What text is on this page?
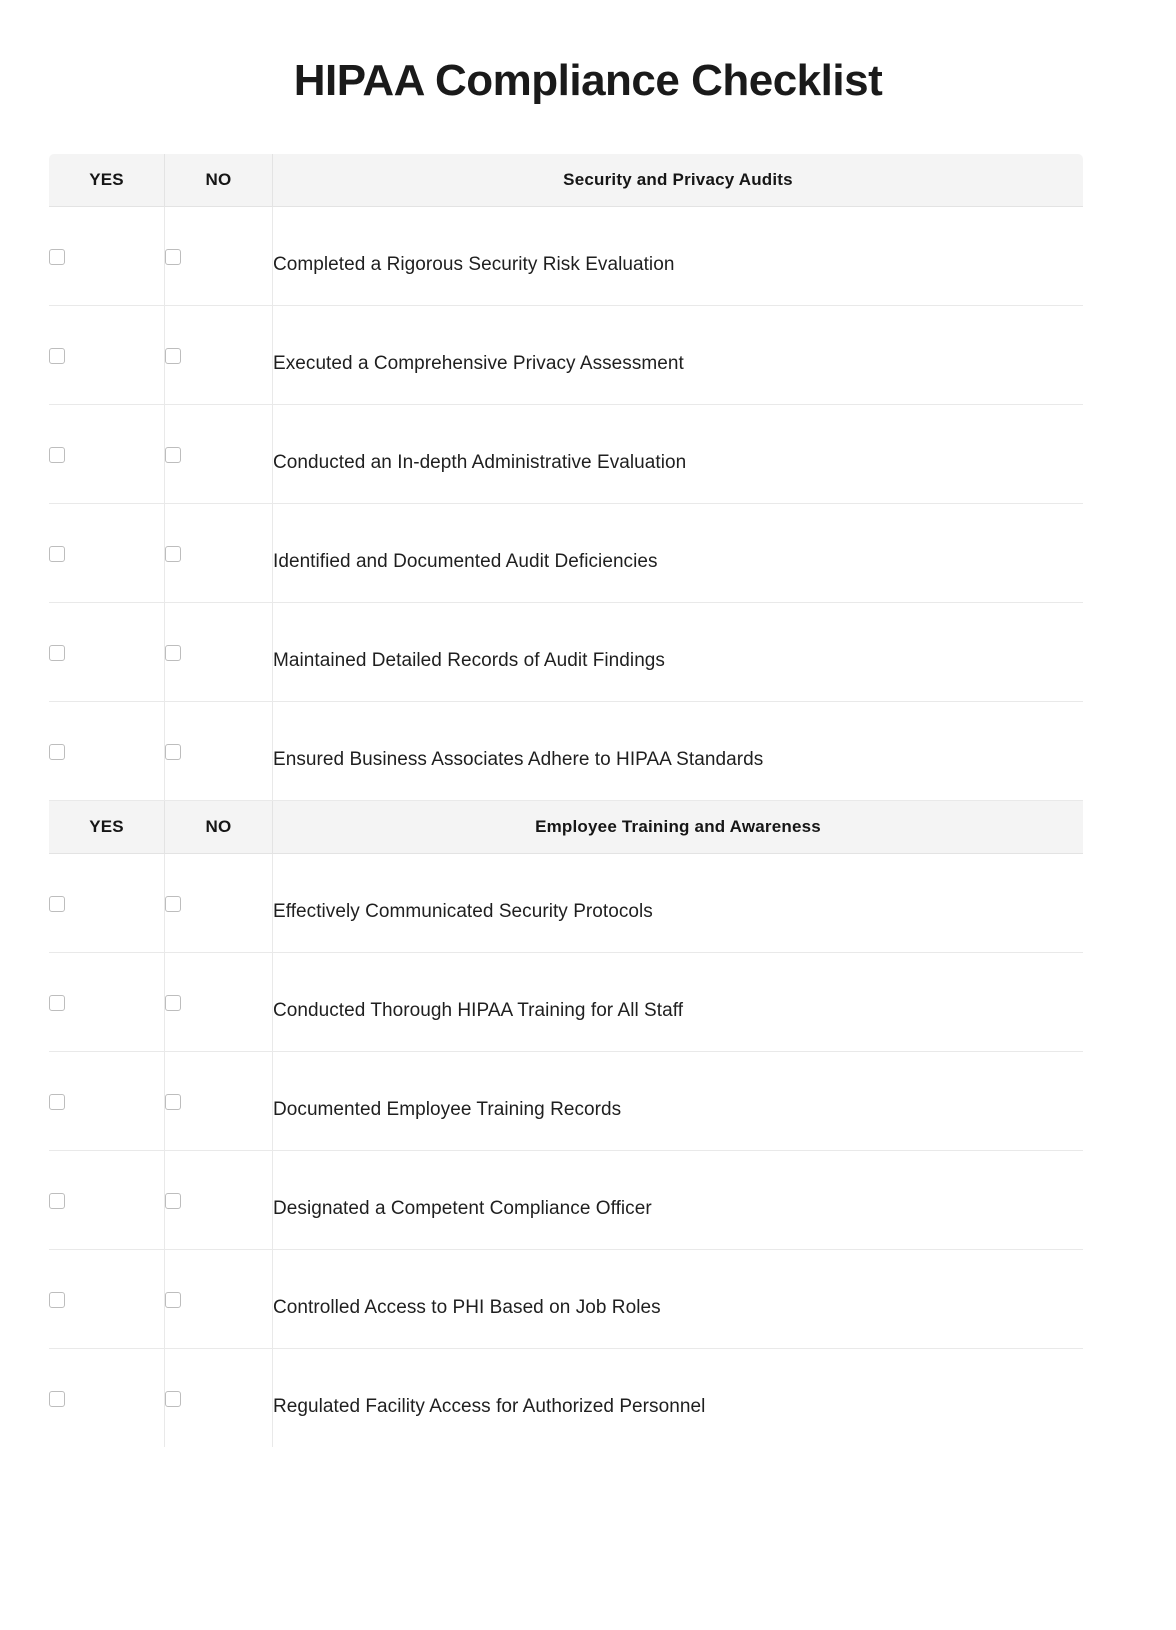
HIPAA Compliance Checklist
YES	NO	Security and Privacy Audits

		Completed a Rigorous Security Risk Evaluation

		Executed a Comprehensive Privacy Assessment

		Conducted an In-depth Administrative Evaluation

		Identified and Documented Audit Deficiencies

		Maintained Detailed Records of Audit Findings

		Ensured Business Associates Adhere to HIPAA Standards

YES	NO	Employee Training and Awareness

		Effectively Communicated Security Protocols

		Conducted Thorough HIPAA Training for All Staff

		Documented Employee Training Records

		Designated a Competent Compliance Officer

		Controlled Access to PHI Based on Job Roles

		Regulated Facility Access for Authorized Personnel
